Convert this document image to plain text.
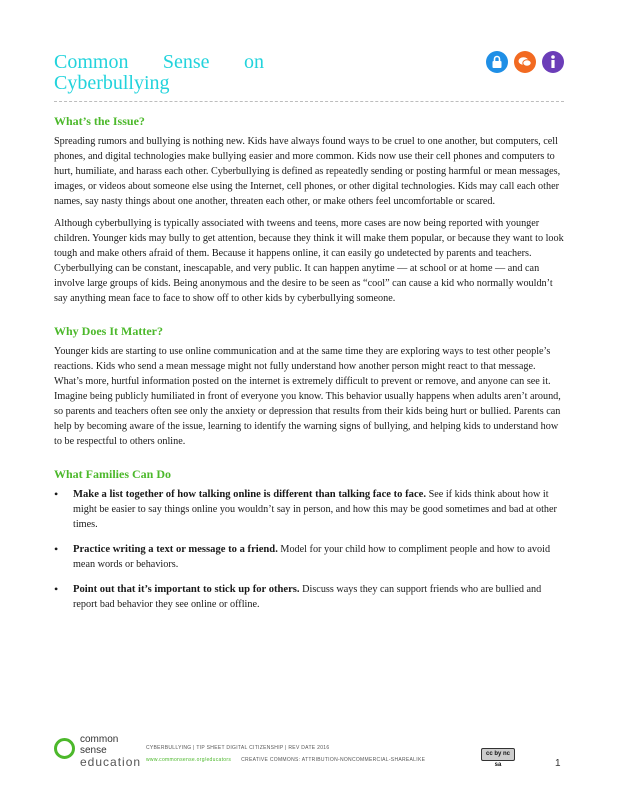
Common Sense on
Cyberbullying
What’s the Issue?

Spreading rumors and bullying is nothing new. Kids have always found ways to be cruel to one another, but computers, cell phones, and digital technologies make bullying easier and more common. Kids now use their cell phones and computers to hurt, humiliate, and harass each other. Cyberbullying is defined as repeatedly sending or posting harmful or mean messages, images, or videos about someone else using the Internet, cell phones, or other digital technologies. Kids may call each other names, say nasty things about one another, threaten each other, or make others feel uncomfortable or scared.

Although cyberbullying is typically associated with tweens and teens, more cases are now being reported with younger children. Younger kids may bully to get attention, because they think it will make them popular, or because they want to look tough and make others afraid of them. Because it happens online, it can easily go undetected by parents and teachers. Cyberbullying can be constant, inescapable, and very public. It can happen anytime — at school or at home — and can involve large groups of kids. Being anonymous and the desire to be seen as “cool” can cause a kid who normally wouldn’t say anything mean face to face to show off to other kids by cyberbullying someone.

Why Does It Matter?

Younger kids are starting to use online communication and at the same time they are exploring ways to test other people’s reactions. Kids who send a mean message might not fully understand how another person might react to that message. What’s more, hurtful information posted on the internet is extremely difficult to prevent or remove, and anyone can see it. Imagine being publicly humiliated in front of everyone you know. This behavior usually happens when adults aren’t around, so parents and teachers often see only the anxiety or depression that results from their kids being hurt or bullied. Parents can help by becoming aware of the issue, learning to identify the warning signs of bullying, and helping kids to understand how to be respectful to others online.

What Families Can Do
• Make a list together of how talking online is different than talking face to face. See if kids think about how it might be easier to say things online you wouldn’t say in person, and how this may be good sometimes and bad at other times.
• Practice writing a text or message to a friend. Model for your child how to compliment people and how to avoid mean words or behaviors.
• Point out that it’s important to stick up for others. Discuss ways they can support friends who are bullied and report bad behavior they see online or offline.
common
sense
education
CYBERBULLYING | TIP SHEET DIGITAL CITIZENSHIP | REV DATE 2016
www.commonsense.org/educators CREATIVE COMMONS: ATTRIBUTION-NONCOMMERCIAL-SHAREALIKE
cc by nc sa	1
